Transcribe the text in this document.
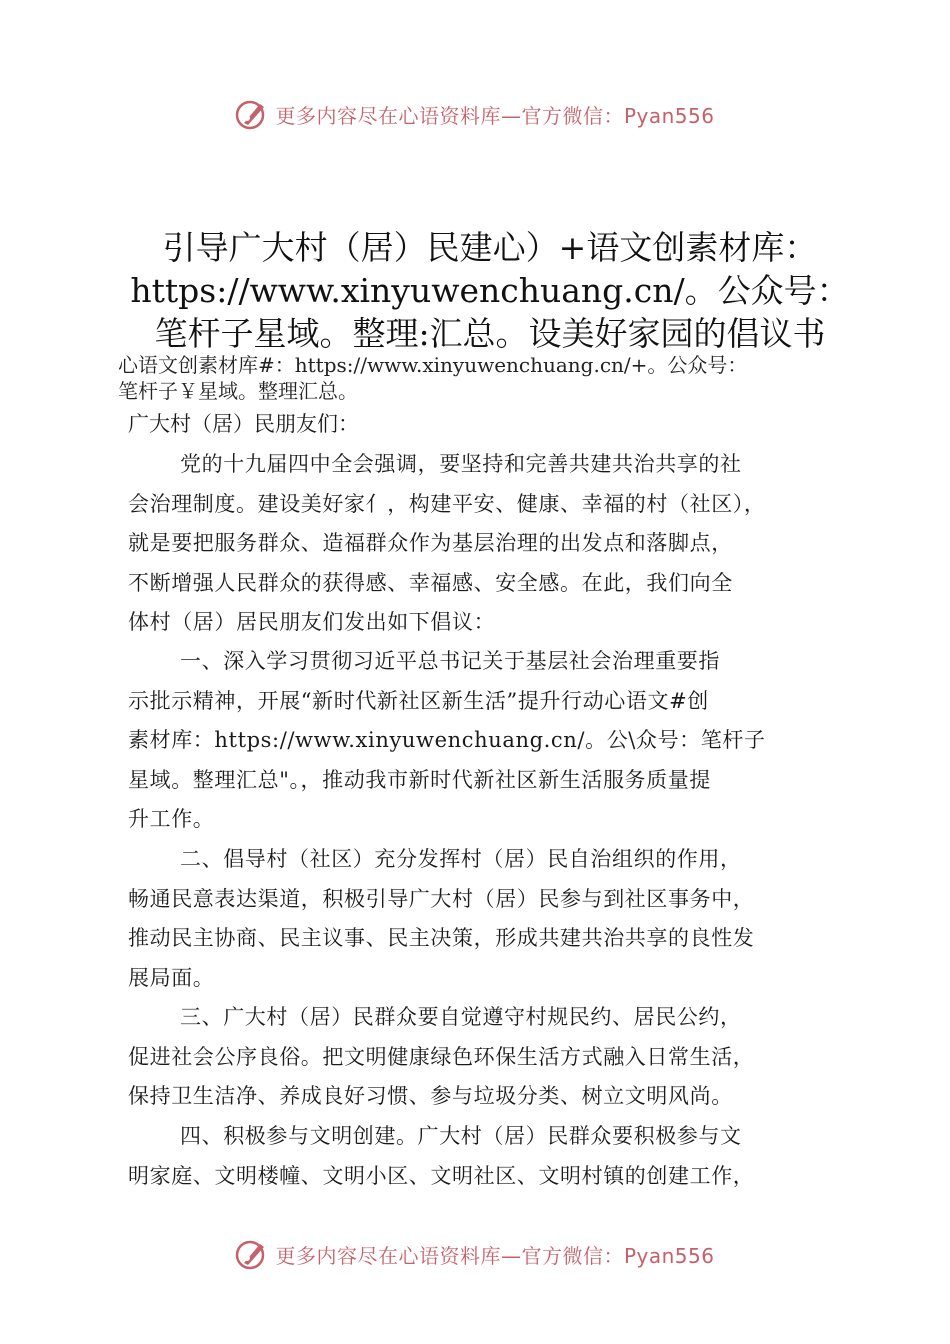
更多内容尽在心语资料库—官方微信：Pyan556
引导广大村（居）民建心）+语文创素材库：
https://www.xinyuwenchuang.cn/。公众号：
笔杆子星域。整理:汇总。设美好家园的倡议书
心语文创素材库#：https://www.xinyuwenchuang.cn/+。公众号：
笔杆子￥星域。整理汇总。
广大村（居）民朋友们：
党的十九届四中全会强调，要坚持和完善共建共治共享的社
会治理制度。建设美好家⺅，构建平安、健康、幸福的村（社区），
就是要把服务群众、造福群众作为基层治理的出发点和落脚点，
不断增强人民群众的获得感、幸福感、安全感。在此，我们向全
体村（居）居民朋友们发出如下倡议：
一、深入学习贯彻习近平总书记关于基层社会治理重要指
示批示精神，开展“新时代新社区新生活”提升行动心语文#创
素材库：https://www.xinyuwenchuang.cn/。公\众号：笔杆子
星域。整理汇总"。，推动我市新时代新社区新生活服务质量提
升工作。
二、倡导村（社区）充分发挥村（居）民自治组织的作用，
畅通民意表达渠道，积极引导广大村（居）民参与到社区事务中，
推动民主协商、民主议事、民主决策，形成共建共治共享的良性发
展局面。
三、广大村（居）民群众要自觉遵守村规民约、居民公约，
促进社会公序良俗。把文明健康绿色环保生活方式融入日常生活，
保持卫生洁净、养成良好习惯、参与垃圾分类、树立文明风尚。
四、积极参与文明创建。广大村（居）民群众要积极参与文
明家庭、文明楼幢、文明小区、文明社区、文明村镇的创建工作，
更多内容尽在心语资料库—官方微信：Pyan556
